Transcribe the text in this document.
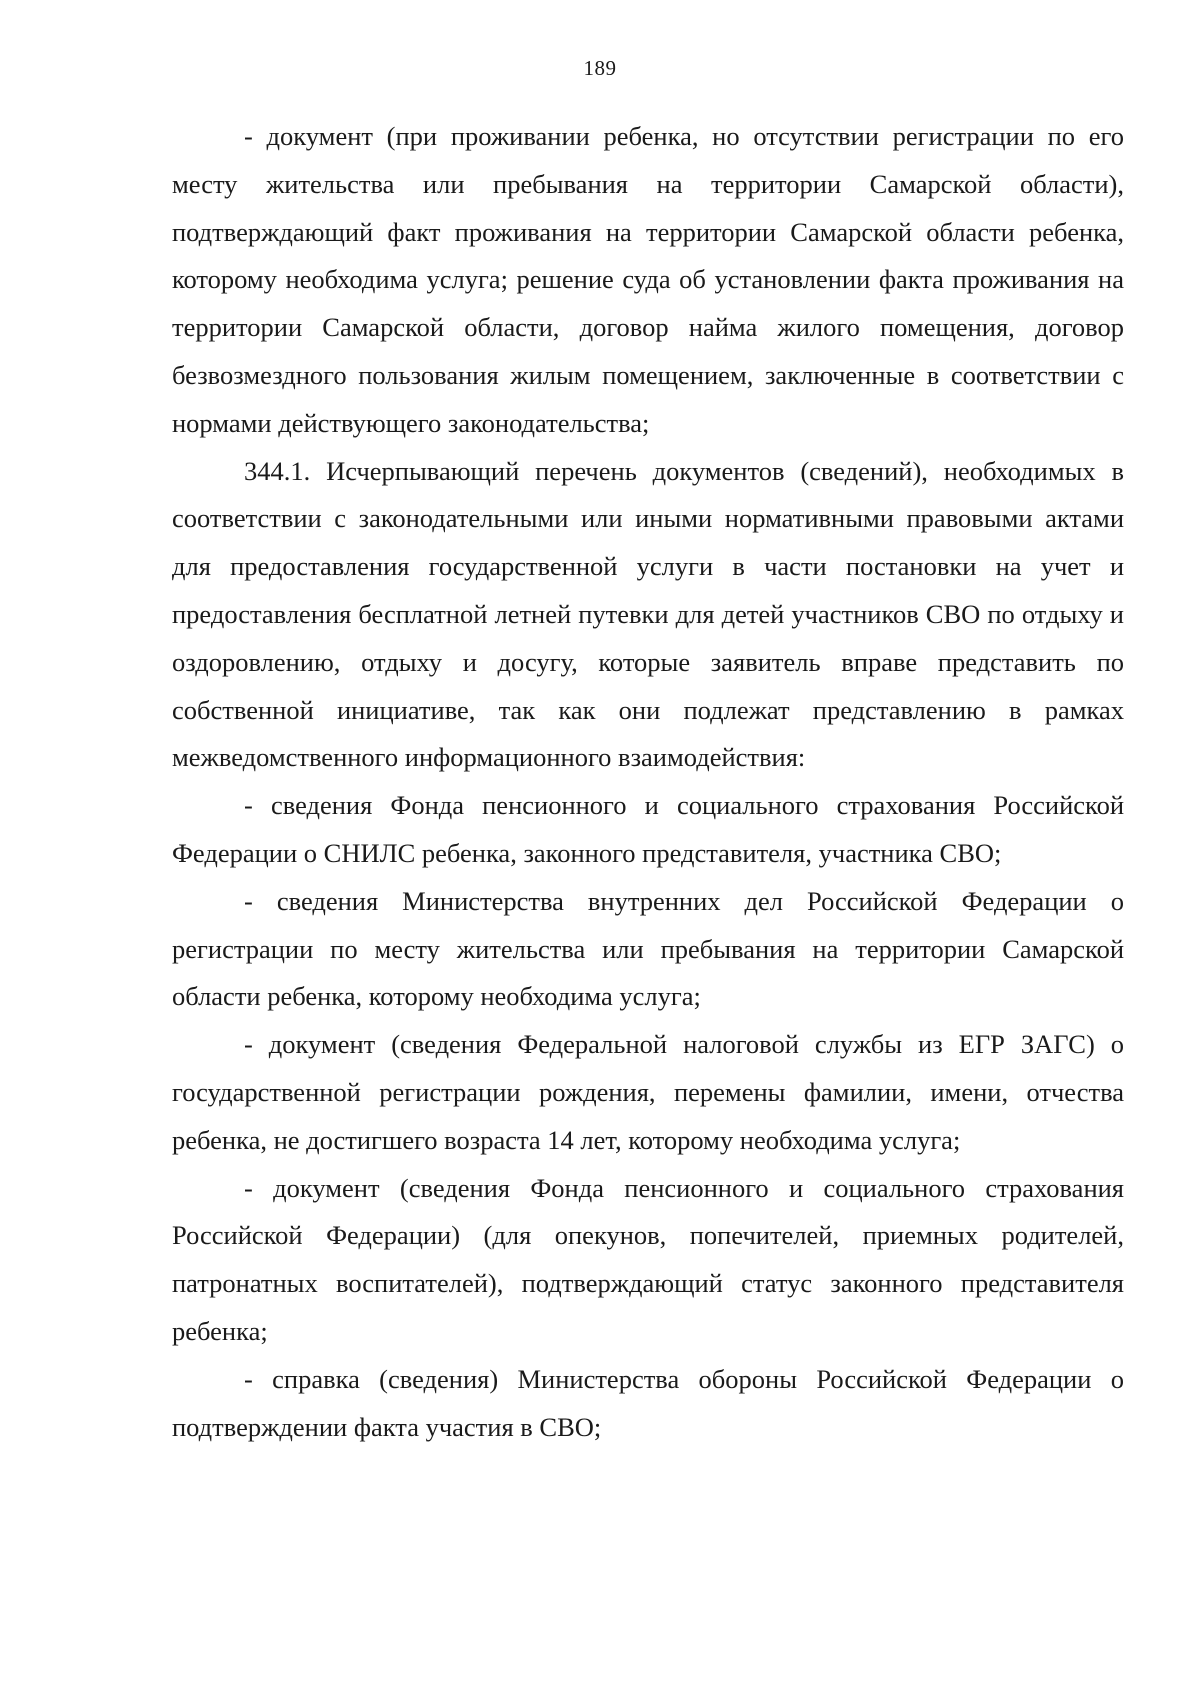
189

- документ (при проживании ребенка, но отсутствии регистрации по его месту жительства или пребывания на территории Самарской области), подтверждающий факт проживания на территории Самарской области ребенка, которому необходима услуга; решение суда об установлении факта проживания на территории Самарской области, договор найма жилого помещения, договор безвозмездного пользования жилым помещением, заключенные в соответствии с нормами действующего законодательства;

344.1. Исчерпывающий перечень документов (сведений), необходимых в соответствии с законодательными или иными нормативными правовыми актами для предоставления государственной услуги в части постановки на учет и предоставления бесплатной летней путевки для детей участников СВО по отдыху и оздоровлению, отдыху и досугу, которые заявитель вправе представить по собственной инициативе, так как они подлежат представлению в рамках межведомственного информационного взаимодействия:

- сведения Фонда пенсионного и социального страхования Российской Федерации о СНИЛС ребенка, законного представителя, участника СВО;

- сведения Министерства внутренних дел Российской Федерации о регистрации по месту жительства или пребывания на территории Самарской области ребенка, которому необходима услуга;

- документ (сведения Федеральной налоговой службы из ЕГР ЗАГС) о государственной регистрации рождения, перемены фамилии, имени, отчества ребенка, не достигшего возраста 14 лет, которому необходима услуга;

- документ (сведения Фонда пенсионного и социального страхования Российской Федерации) (для опекунов, попечителей, приемных родителей, патронатных воспитателей), подтверждающий статус законного представителя ребенка;

- справка (сведения) Министерства обороны Российской Федерации о подтверждении факта участия в СВО;
